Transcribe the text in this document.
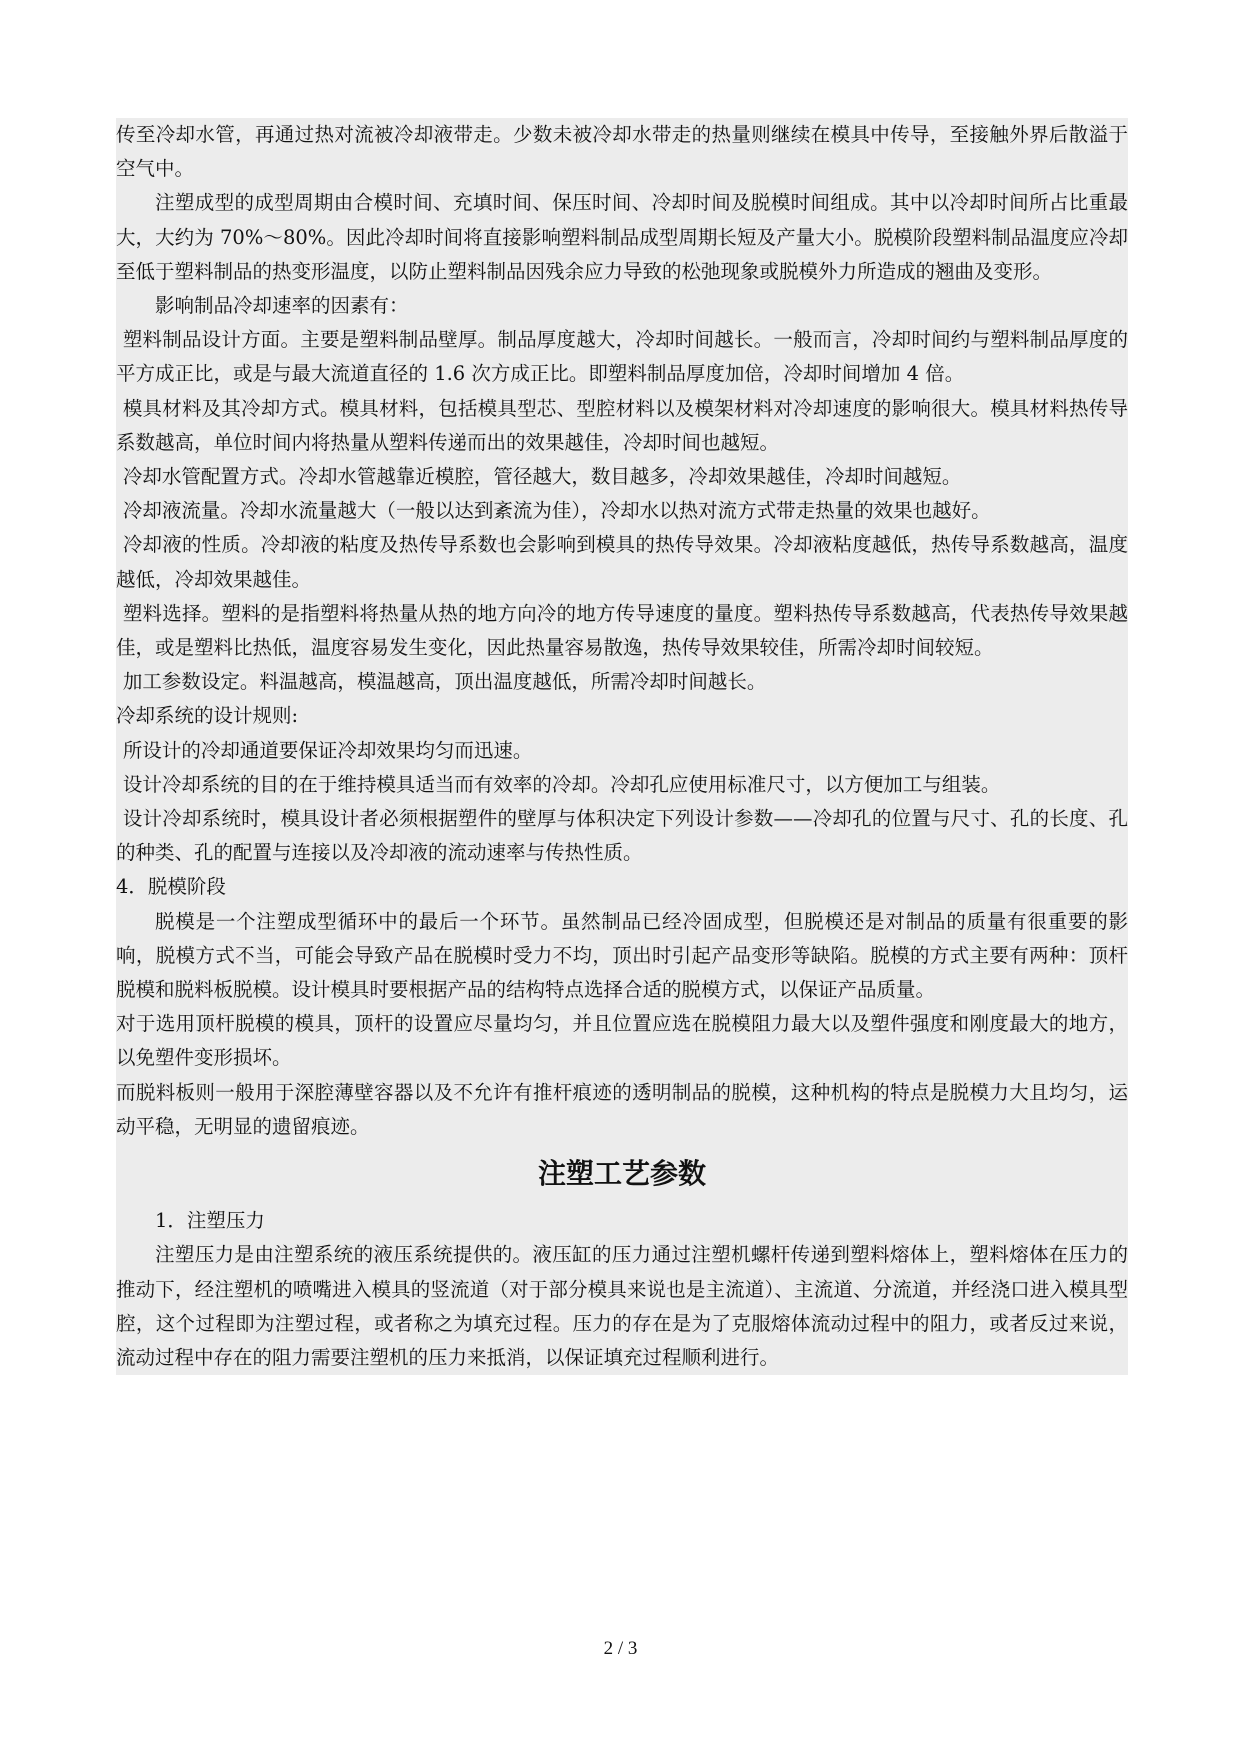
传至冷却水管，再通过热对流被冷却液带走。少数未被冷却水带走的热量则继续在模具中传导，至接触外界后散溢于空气中。

注塑成型的成型周期由合模时间、充填时间、保压时间、冷却时间及脱模时间组成。其中以冷却时间所占比重最大，大约为 70%～80%。因此冷却时间将直接影响塑料制品成型周期长短及产量大小。脱模阶段塑料制品温度应冷却至低于塑料制品的热变形温度，以防止塑料制品因残余应力导致的松弛现象或脱模外力所造成的翘曲及变形。

影响制品冷却速率的因素有：

塑料制品设计方面。主要是塑料制品壁厚。制品厚度越大，冷却时间越长。一般而言，冷却时间约与塑料制品厚度的平方成正比，或是与最大流道直径的 1.6 次方成正比。即塑料制品厚度加倍，冷却时间增加 4 倍。

模具材料及其冷却方式。模具材料，包括模具型芯、型腔材料以及模架材料对冷却速度的影响很大。模具材料热传导系数越高，单位时间内将热量从塑料传递而出的效果越佳，冷却时间也越短。

冷却水管配置方式。冷却水管越靠近模腔，管径越大，数目越多，冷却效果越佳，冷却时间越短。

冷却液流量。冷却水流量越大（一般以达到紊流为佳），冷却水以热对流方式带走热量的效果也越好。

冷却液的性质。冷却液的粘度及热传导系数也会影响到模具的热传导效果。冷却液粘度越低，热传导系数越高，温度越低，冷却效果越佳。

塑料选择。塑料的是指塑料将热量从热的地方向冷的地方传导速度的量度。塑料热传导系数越高，代表热传导效果越佳，或是塑料比热低，温度容易发生变化，因此热量容易散逸，热传导效果较佳，所需冷却时间较短。

加工参数设定。料温越高，模温越高，顶出温度越低，所需冷却时间越长。

冷却系统的设计规则:

所设计的冷却通道要保证冷却效果均匀而迅速。

设计冷却系统的目的在于维持模具适当而有效率的冷却。冷却孔应使用标准尺寸，以方便加工与组装。

设计冷却系统时，模具设计者必须根据塑件的壁厚与体积决定下列设计参数——冷却孔的位置与尺寸、孔的长度、孔的种类、孔的配置与连接以及冷却液的流动速率与传热性质。

4．脱模阶段

脱模是一个注塑成型循环中的最后一个环节。虽然制品已经冷固成型，但脱模还是对制品的质量有很重要的影响，脱模方式不当，可能会导致产品在脱模时受力不均，顶出时引起产品变形等缺陷。脱模的方式主要有两种：顶杆脱模和脱料板脱模。设计模具时要根据产品的结构特点选择合适的脱模方式，以保证产品质量。

对于选用顶杆脱模的模具，顶杆的设置应尽量均匀，并且位置应选在脱模阻力最大以及塑件强度和刚度最大的地方，以免塑件变形损坏。

而脱料板则一般用于深腔薄壁容器以及不允许有推杆痕迹的透明制品的脱模，这种机构的特点是脱模力大且均匀，运动平稳，无明显的遗留痕迹。

注塑工艺参数

1．注塑压力

注塑压力是由注塑系统的液压系统提供的。液压缸的压力通过注塑机螺杆传递到塑料熔体上，塑料熔体在压力的推动下，经注塑机的喷嘴进入模具的竖流道（对于部分模具来说也是主流道）、主流道、分流道，并经浇口进入模具型腔，这个过程即为注塑过程，或者称之为填充过程。压力的存在是为了克服熔体流动过程中的阻力，或者反过来说，流动过程中存在的阻力需要注塑机的压力来抵消，以保证填充过程顺利进行。

2 / 3
